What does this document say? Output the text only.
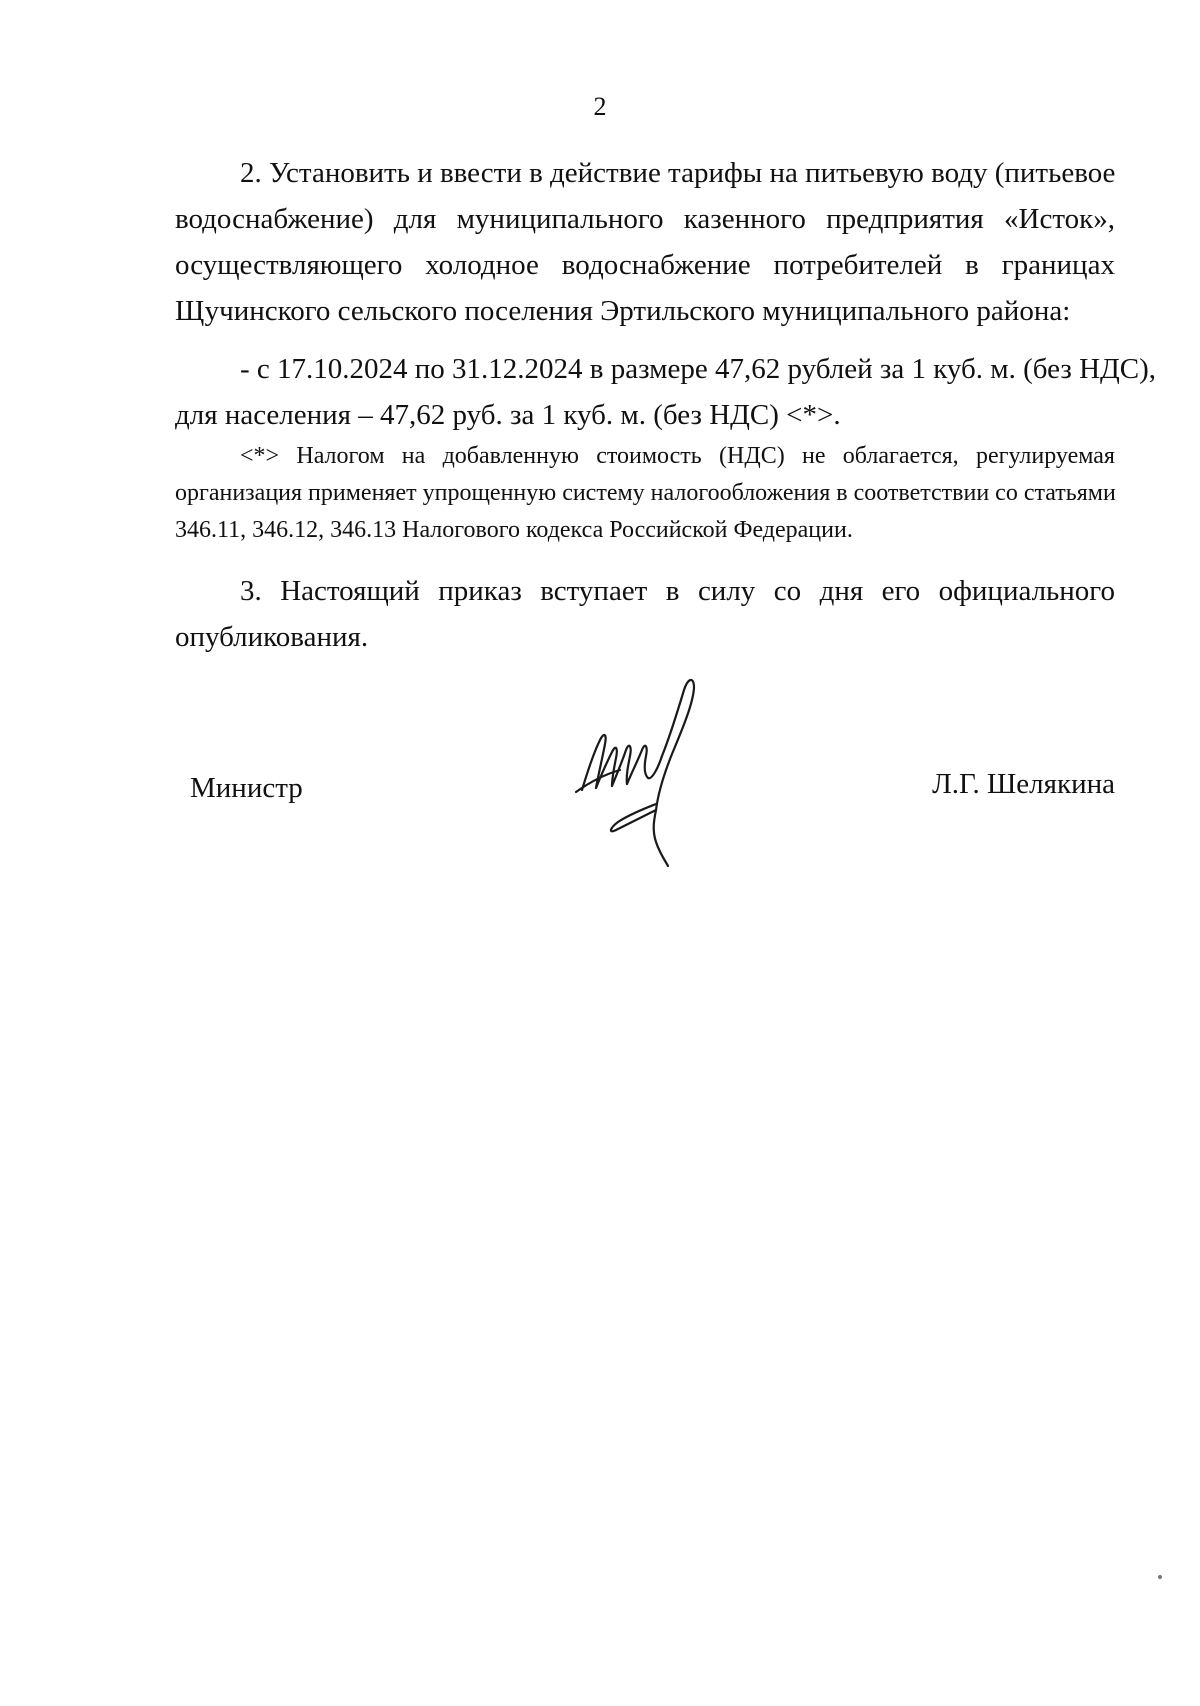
2
2. Установить и ввести в действие тарифы на питьевую воду (питьевое
водоснабжение) для муниципального казенного предприятия «Исток»,
осуществляющего холодное водоснабжение потребителей в границах
Щучинского сельского поселения Эртильского муниципального района:
- с 17.10.2024 по 31.12.2024 в размере 47,62 рублей за 1 куб. м. (без НДС),
для населения – 47,62 руб. за 1 куб. м. (без НДС) <*>.
<*> Налогом на добавленную стоимость (НДС) не облагается, регулируемая
организация применяет упрощенную систему налогообложения в соответствии со статьями
346.11, 346.12, 346.13 Налогового кодекса Российской Федерации.
3. Настоящий приказ вступает в силу со дня его официального
опубликования.
Министр	Л.Г. Шелякина
